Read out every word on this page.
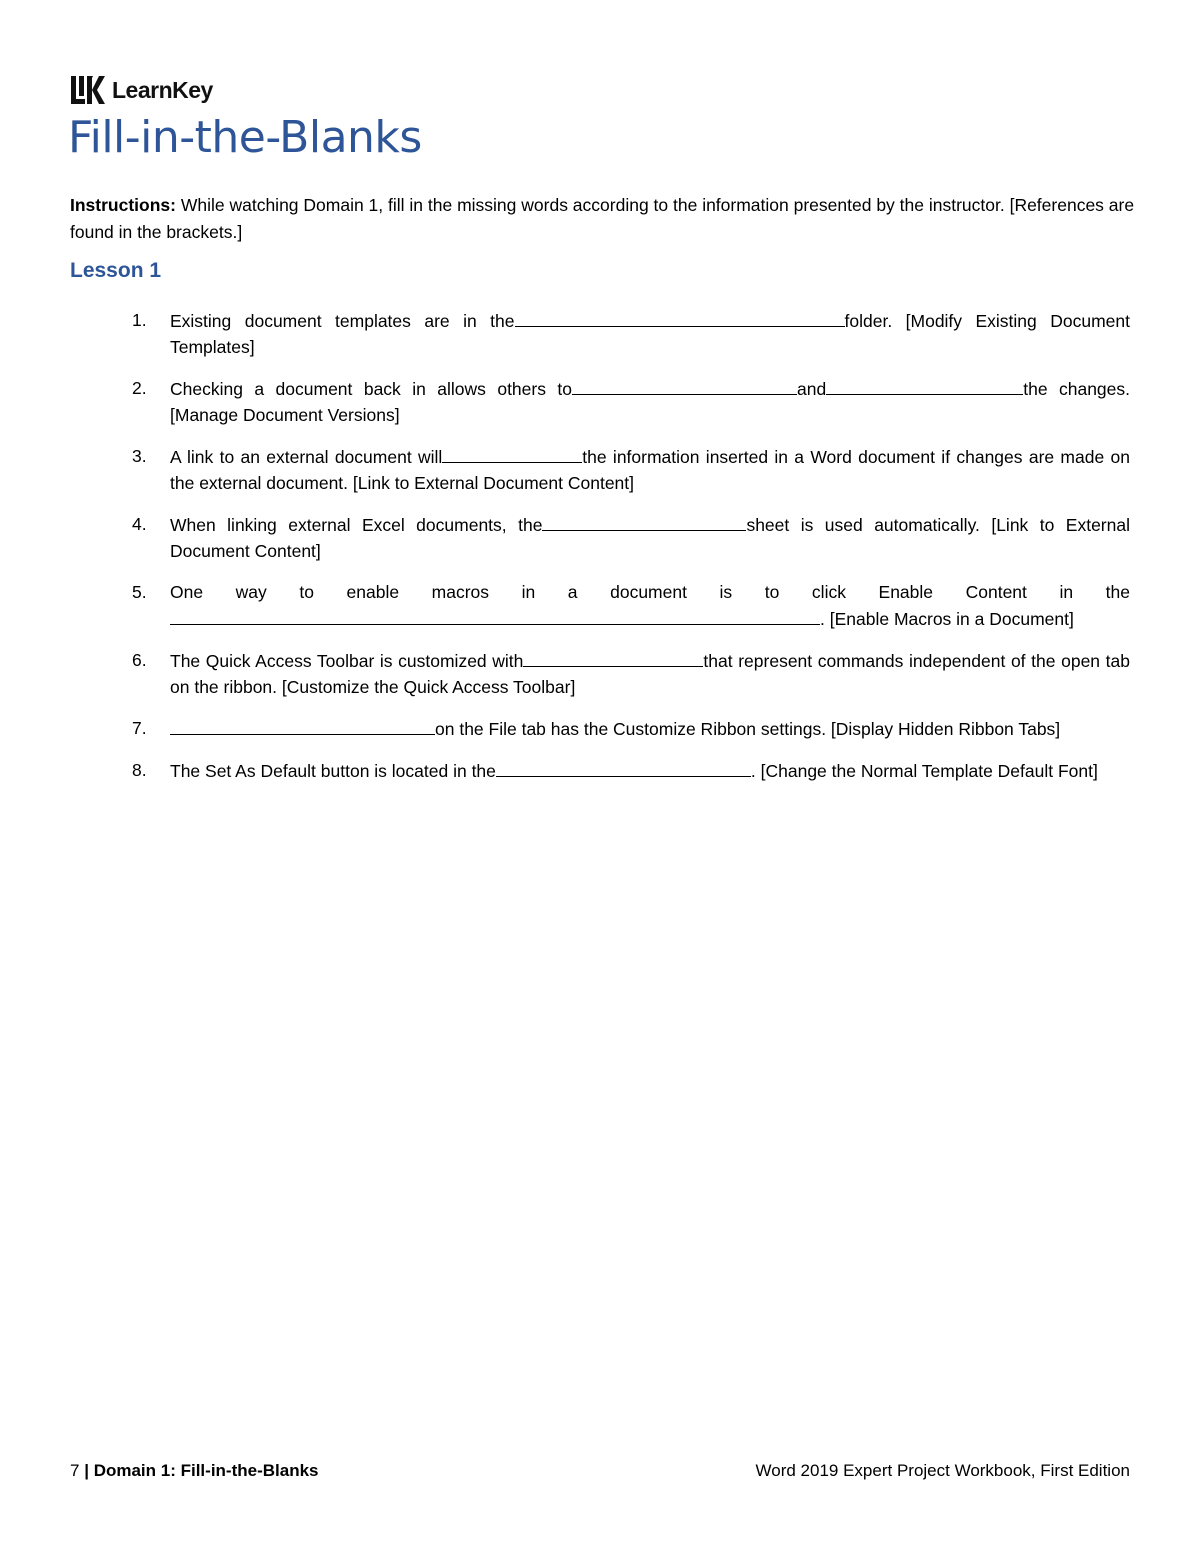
LearnKey
Fill-in-the-Blanks

Instructions: While watching Domain 1, fill in the missing words according to the information presented by the instructor. [References are found in the brackets.]

Lesson 1
1.	Existing document templates are in the	folder. [Modify Existing Document Templates]
2.	Checking a document back in allows others to	and	the changes. [Manage Document Versions]
3.	A link to an external document will	the information inserted in a Word document if changes are made on the external document. [Link to External Document Content]
4.	When linking external Excel documents, the	sheet is used automatically. [Link to External Document Content]
5.	One way to enable macros in a document is to click Enable Content in the. [Enable Macros in a Document]
6.	The Quick Access Toolbar is customized with	that represent commands independent of the open tab on the ribbon. [Customize the Quick Access Toolbar]
7.	on the File tab has the Customize Ribbon settings. [Display Hidden Ribbon Tabs]
8.	The Set As Default button is located in the	. [Change the Normal Template Default Font]
7 | Domain 1: Fill-in-the-Blanks	Word 2019 Expert Project Workbook, First Edition
